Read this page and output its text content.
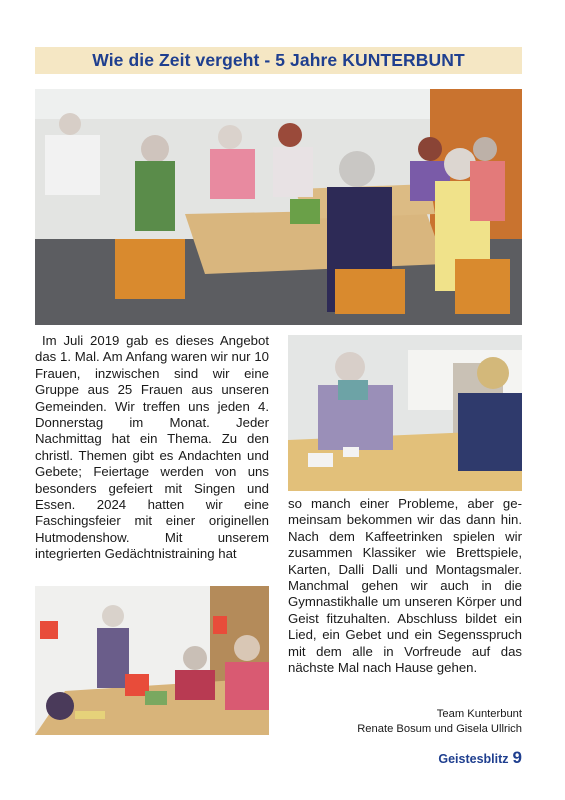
Wie die Zeit vergeht - 5 Jahre KUNTERBUNT

Im Juli 2019 gab es dieses Angebot das 1. Mal. Am Anfang waren wir nur 10 Frauen, inzwischen sind wir eine Gruppe aus 25 Frauen aus unseren Gemeinden. Wir treffen uns jeden 4. Donnerstag im Monat. Jeder Nachmittag hat ein Thema. Zu den christl. Themen gibt es Andachten und Gebete; Feiertage werden von uns besonders gefeiert mit Singen und Essen. 2024 hatten wir eine Faschingsfeier mit einer originellen Hutmodenshow. Mit unserem integrierten Gedächtnistraining hat

so manch einer Probleme, aber gemeinsam bekommen wir das dann hin. Nach dem Kaffeetrinken spielen wir zusammen Klassiker wie Brettspiele, Karten, Dalli Dalli und Montagsmaler. Manchmal gehen wir auch in die Gymnastikhalle um unseren Körper und Geist fitzuhalten. Abschluss bildet ein Lied, ein Gebet und ein Segensspruch mit dem alle in Vorfreude auf das nächste Mal nach Hause gehen.

Team Kunterbunt
Renate Bosum und Gisela Ullrich
Geistesblitz 9
